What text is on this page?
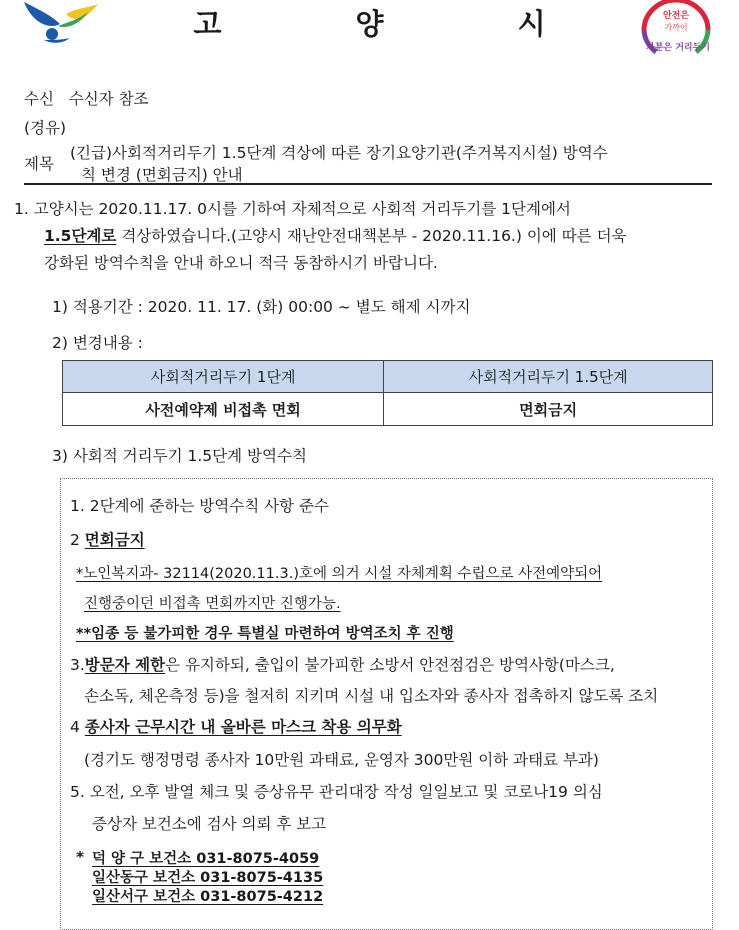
고 양 시	안전은
가까이
차분은 거리두기
수신 수신자 참조
(경유)
제목
(긴급)사회적거리두기 1.5단계 격상에 따른 장기요양기관(주거복지시설) 방역수
칙 변경 (면회금지) 안내
1. 고양시는 2020.11.17. 0시를 기하여 자체적으로 사회적 거리두기를 1단계에서
1.5단계로 격상하였습니다.(고양시 재난안전대책본부 - 2020.11.16.) 이에 따른 더욱
강화된 방역수칙을 안내 하오니 적극 동참하시기 바랍니다.
1) 적용기간 : 2020. 11. 17. (화) 00:00 ~ 별도 해제 시까지
2) 변경내용 :
사회적거리두기 1단계	사회적거리두기 1.5단계
사전예약제 비접촉 면회	면회금지
3) 사회적 거리두기 1.5단계 방역수칙
1. 2단계에 준하는 방역수칙 사항 준수
2 면회금지
*노인복지과- 32114(2020.11.3.)호에 의거 시설 자체계획 수립으로 사전예약되어
진행중이던 비접촉 면회까지만 진행가능.
**임종 등 불가피한 경우 특별실 마련하여 방역조치 후 진행
3.방문자 제한은 유지하되, 출입이 불가피한 소방서 안전점검은 방역사항(마스크,
손소독, 체온측정 등)을 철저히 지키며 시설 내 입소자와 종사자 접촉하지 않도록 조치
4 종사자 근무시간 내 올바른 마스크 착용 의무화
(경기도 행정명령 종사자 10만원 과태료, 운영자 300만원 이하 과태료 부과)
5. 오전, 오후 발열 체크 및 증상유무 관리대장 작성 일일보고 및 코로나19 의심
증상자 보건소에 검사 의뢰 후 보고
* 덕 양 구 보건소 031-8075-4059
일산동구 보건소 031-8075-4135
일산서구 보건소 031-8075-4212
